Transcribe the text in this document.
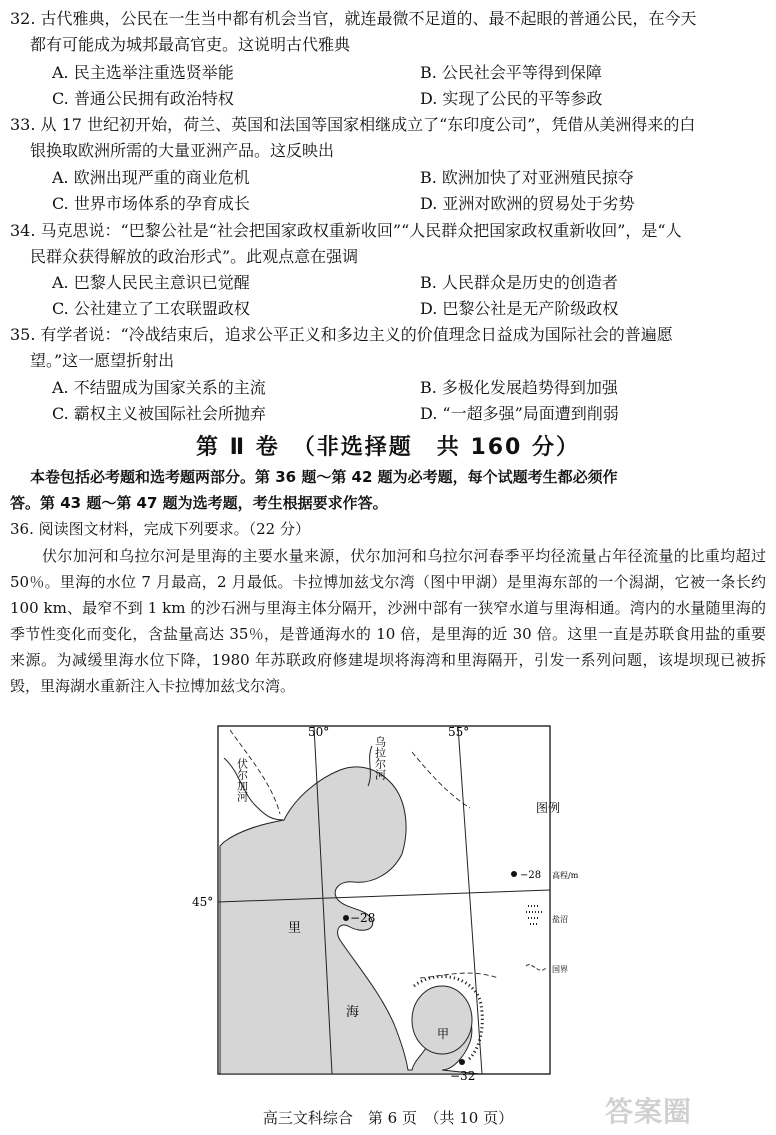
32. 古代雅典，公民在一生当中都有机会当官，就连最微不足道的、最不起眼的普通公民，在今天
都有可能成为城邦最高官吏。这说明古代雅典
A. 民主选举注重选贤举能	B. 公民社会平等得到保障
C. 普通公民拥有政治特权	D. 实现了公民的平等参政
33. 从 17 世纪初开始，荷兰、英国和法国等国家相继成立了“东印度公司”，凭借从美洲得来的白
银换取欧洲所需的大量亚洲产品。这反映出
A. 欧洲出现严重的商业危机	B. 欧洲加快了对亚洲殖民掠夺
C. 世界市场体系的孕育成长	D. 亚洲对欧洲的贸易处于劣势
34. 马克思说：“巴黎公社是“社会把国家政权重新收回”“人民群众把国家政权重新收回”，是“人
民群众获得解放的政治形式”。此观点意在强调
A. 巴黎人民民主意识已觉醒	B. 人民群众是历史的创造者
C. 公社建立了工农联盟政权	D. 巴黎公社是无产阶级政权
35. 有学者说：“冷战结束后，追求公平正义和多边主义的价值理念日益成为国际社会的普遍愿
望。”这一愿望折射出
A. 不结盟成为国家关系的主流	B. 多极化发展趋势得到加强
C. 霸权主义被国际社会所抛弃	D. “一超多强”局面遭到削弱
第 Ⅱ 卷　（非选择题　共 160 分）
本卷包括必考题和选考题两部分。第 36 题～第 42 题为必考题，每个试题考生都必须作
答。第 43 题～第 47 题为选考题，考生根据要求作答。
36. 阅读图文材料，完成下列要求。（22 分）
伏尔加河和乌拉尔河是里海的主要水量来源，伏尔加河和乌拉尔河春季平均径流量占年径流量的比重均超过 50％。里海的水位 7 月最高，2 月最低。卡拉博加兹戈尔湾（图中甲湖）是里海东部的一个潟湖，它被一条长约 100 km、最窄不到 1 km 的沙石洲与里海主体分隔开，沙洲中部有一狭窄水道与里海相通。湾内的水量随里海的季节性变化而变化，含盐量高达 35％，是普通海水的 10 倍，是里海的近 30 倍。这里一直是苏联食用盐的重要来源。为减缓里海水位下降，1980 年苏联政府修建堤坝将海湾和里海隔开，引发一系列问题，该堤坝现已被拆毁，里海湖水重新注入卡拉博加兹戈尔湾。
50°	55°
45°
里
海
甲
−28
−32
乌拉尔河
伏尔加河
图例
−28 高程/m
盐沼
国界
答案圈
高三文科综合　第 6 页　（共 10 页）
